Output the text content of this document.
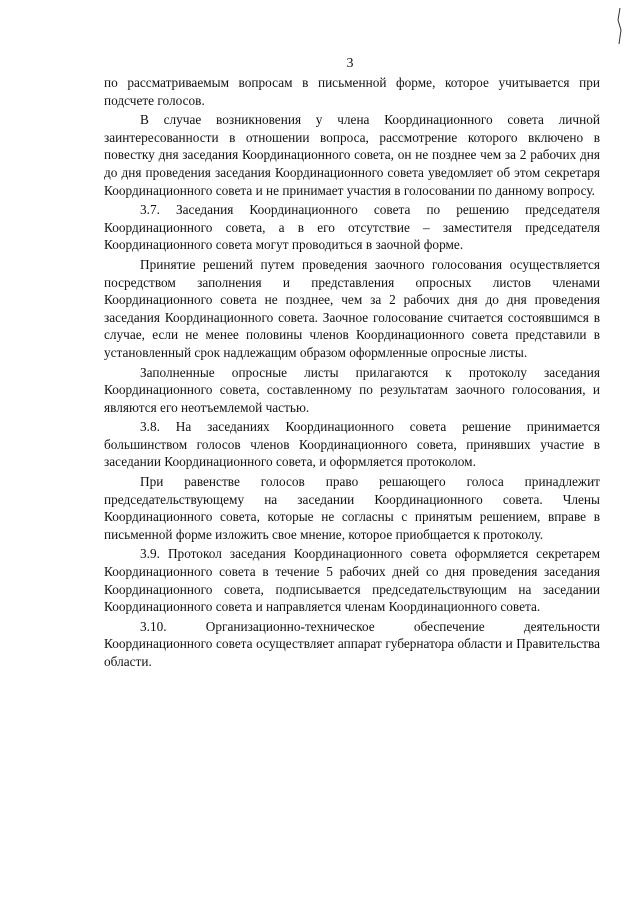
3

по рассматриваемым вопросам в письменной форме, которое учитывается при подсчете голосов.

В случае возникновения у члена Координационного совета личной заинтересованности в отношении вопроса, рассмотрение которого включено в повестку дня заседания Координационного совета, он не позднее чем за 2 рабочих дня до дня проведения заседания Координационного совета уведомляет об этом секретаря Координационного совета и не принимает участия в голосовании по данному вопросу.

3.7. Заседания Координационного совета по решению председателя Координационного совета, а в его отсутствие – заместителя председателя Координационного совета могут проводиться в заочной форме.

Принятие решений путем проведения заочного голосования осуществляется посредством заполнения и представления опросных листов членами Координационного совета не позднее, чем за 2 рабочих дня до дня проведения заседания Координационного совета. Заочное голосование считается состоявшимся в случае, если не менее половины членов Координационного совета представили в установленный срок надлежащим образом оформленные опросные листы.

Заполненные опросные листы прилагаются к протоколу заседания Координационного совета, составленному по результатам заочного голосования, и являются его неотъемлемой частью.

3.8. На заседаниях Координационного совета решение принимается большинством голосов членов Координационного совета, принявших участие в заседании Координационного совета, и оформляется протоколом.

При равенстве голосов право решающего голоса принадлежит председательствующему на заседании Координационного совета. Члены Координационного совета, которые не согласны с принятым решением, вправе в письменной форме изложить свое мнение, которое приобщается к протоколу.

3.9. Протокол заседания Координационного совета оформляется секретарем Координационного совета в течение 5 рабочих дней со дня проведения заседания Координационного совета, подписывается председательствующим на заседании Координационного совета и направляется членам Координационного совета.

3.10. Организационно-техническое обеспечение деятельности Координационного совета осуществляет аппарат губернатора области и Правительства области.
